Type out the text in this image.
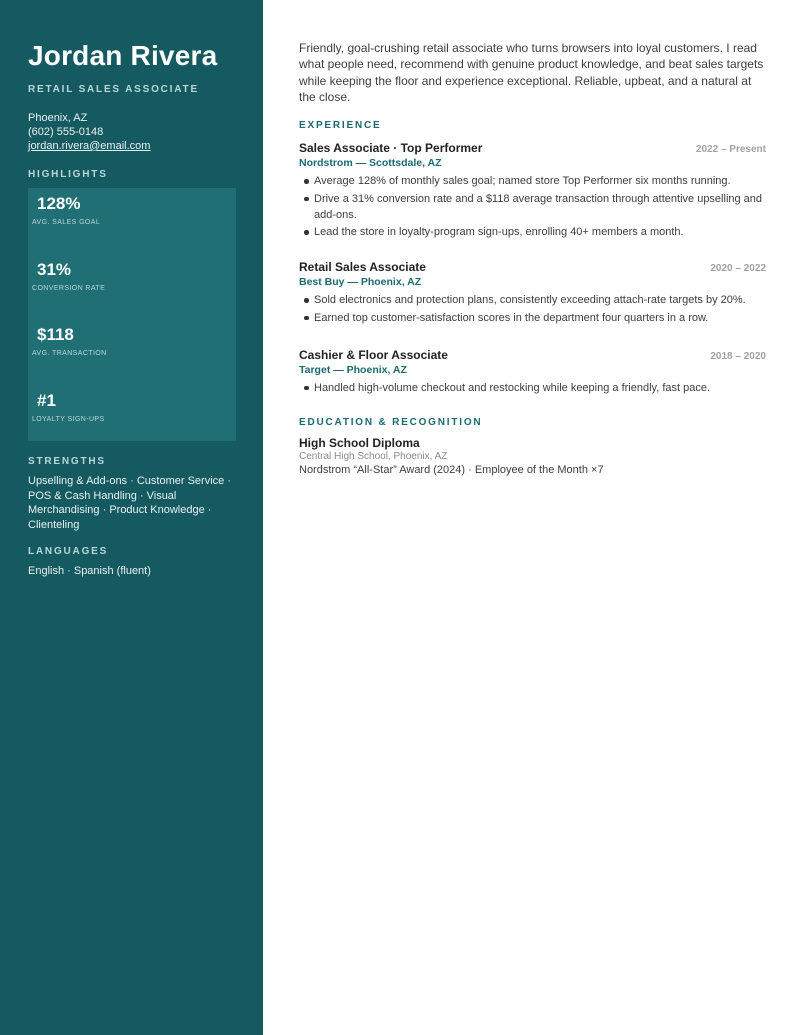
Jordan Rivera
RETAIL SALES ASSOCIATE
Phoenix, AZ
(602) 555-0148
jordan.rivera@email.com
HIGHLIGHTS
128%
AVG. SALES GOAL
31%
CONVERSION RATE
$118
AVG. TRANSACTION
#1
LOYALTY SIGN-UPS
STRENGTHS
Upselling & Add-ons · Customer Service · POS & Cash Handling · Visual Merchandising · Product Knowledge · Clienteling
LANGUAGES
English · Spanish (fluent)

Friendly, goal-crushing retail associate who turns browsers into loyal customers. I read what people need, recommend with genuine product knowledge, and beat sales targets while keeping the floor and experience exceptional. Reliable, upbeat, and a natural at the close.

EXPERIENCE
Sales Associate · Top Performer	2022 – Present
Nordstrom — Scottsdale, AZ
Average 128% of monthly sales goal; named store Top Performer six months running.
Drive a 31% conversion rate and a $118 average transaction through attentive upselling and add-ons.
Lead the store in loyalty-program sign-ups, enrolling 40+ members a month.
Retail Sales Associate	2020 – 2022
Best Buy — Phoenix, AZ
Sold electronics and protection plans, consistently exceeding attach-rate targets by 20%.
Earned top customer-satisfaction scores in the department four quarters in a row.
Cashier & Floor Associate	2018 – 2020
Target — Phoenix, AZ
Handled high-volume checkout and restocking while keeping a friendly, fast pace.
EDUCATION & RECOGNITION
High School Diploma
Central High School, Phoenix, AZ
Nordstrom “All-Star” Award (2024) · Employee of the Month ×7
